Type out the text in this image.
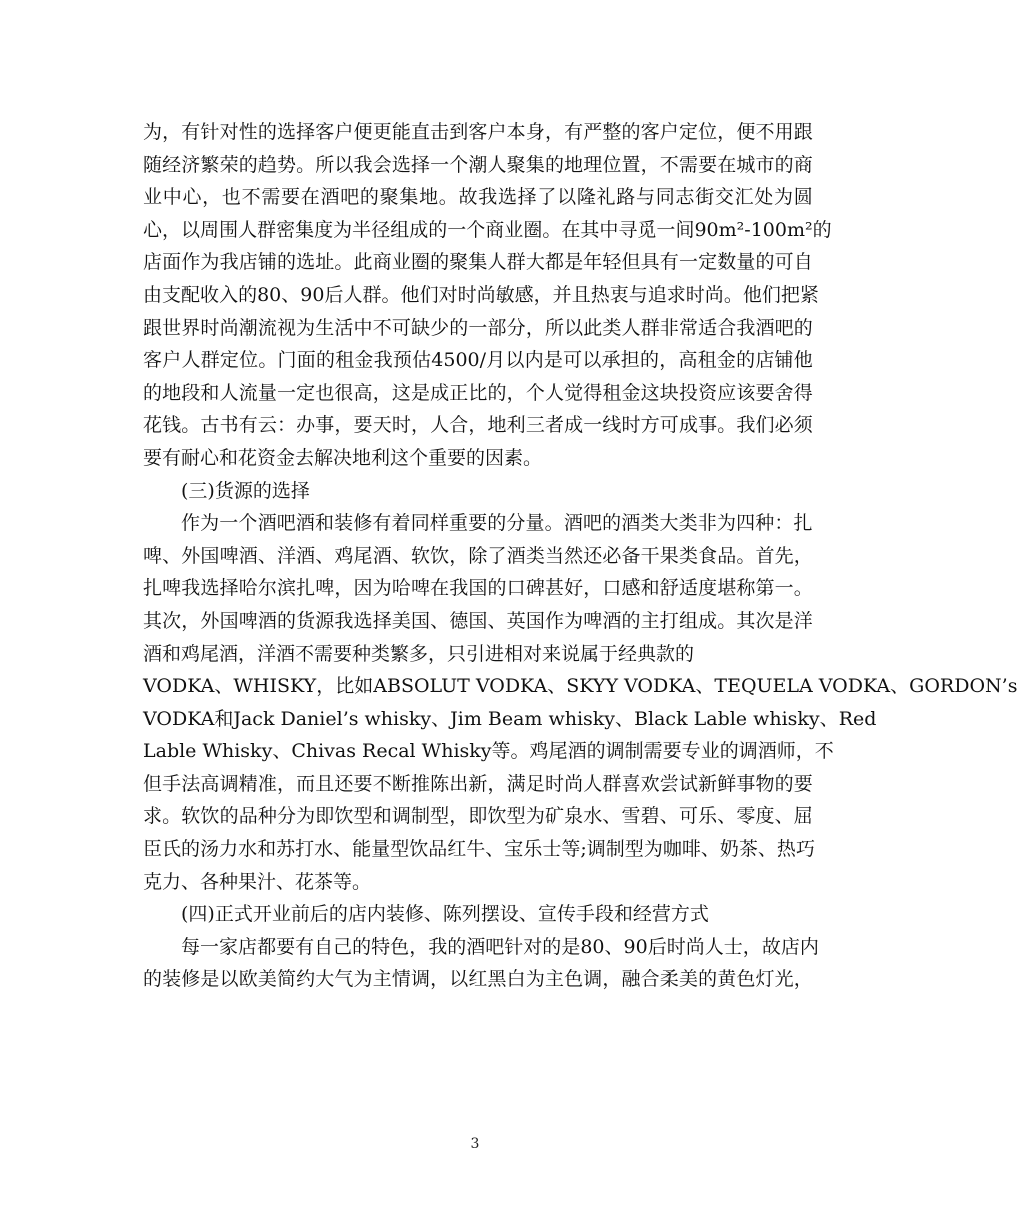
为 ， 有 针 对 性 的 选 择 客 户 便 更 能 直 击 到 客 户 本 身 ， 有 严 整 的 客 户 定 位 ， 便 不 用 跟
随 经 济 繁 荣 的 趋 势 。 所 以 我 会 选 择 一 个 潮 人 聚 集 的 地 理 位 置 ， 不 需 要 在 城 市 的 商
业 中 心 ， 也 不 需 要 在 酒 吧 的 聚 集 地 。 故 我 选 择 了 以 隆 礼 路 与 同 志 街 交 汇 处 为 圆
心 ， 以 周 围 人 群 密 集 度 为 半 径 组 成 的 一 个 商 业 圈 。 在 其 中 寻 觅 一 间 90m ² -100m ² 的
店 面 作 为 我 店 铺 的 选 址 。 此 商 业 圈 的 聚 集 人 群 大 都 是 年 轻 但 具 有 一 定 数 量 的 可 自
由 支 配 收 入 的 80 、 90 后 人 群 。 他 们 对 时 尚 敏 感 ， 并 且 热 衷 与 追 求 时 尚 。 他 们 把 紧
跟 世 界 时 尚 潮 流 视 为 生 活 中 不 可 缺 少 的 一 部 分 ， 所 以 此 类 人 群 非 常 适 合 我 酒 吧 的
客 户 人 群 定 位 。 门 面 的 租 金 我 预 估 4500/ 月 以 内 是 可 以 承 担 的 ， 高 租 金 的 店 铺 他
的 地 段 和 人 流 量 一 定 也 很 高 ， 这 是 成 正 比 的 ， 个 人 觉 得 租 金 这 块 投 资 应 该 要 舍 得
花 钱 。 古 书 有 云 ： 办 事 ， 要 天 时 ， 人 合 ， 地 利 三 者 成 一 线 时 方 可 成 事 。 我 们 必 须
要有耐心和花资金去解决地利这个重要的因素。
(三)货源的选择
作 为 一 个 酒 吧 酒 和 装 修 有 着 同 样 重 要 的 分 量 。 酒 吧 的 酒 类 大 类 非 为 四 种 ： 扎
啤 、 外 国 啤 酒 、 洋 酒 、 鸡 尾 酒 、 软 饮 ， 除 了 酒 类 当 然 还 必 备 干 果 类 食 品 。 首 先 ，
扎 啤 我 选 择 哈 尔 滨 扎 啤 ， 因 为 哈 啤 在 我 国 的 口 碑 甚 好 ， 口 感 和 舒 适 度 堪 称 第 一 。
其 次 ， 外 国 啤 酒 的 货 源 我 选 择 美 国 、 德 国 、 英 国 作 为 啤 酒 的 主 打 组 成 。 其 次 是 洋
酒和鸡尾酒，洋酒不需要种类繁多，只引进相对来说属于经典款的
VODKA 、 WHISKY ， 比 如 ABSOLUT VODKA 、 SKYY VODKA 、 TEQUELA VODKA 、 GORDON’s
VODKA 和 Jack Daniel’s whisky 、 Jim Beam whisky 、 Black Lable whisky 、 Red
Lable Whisky 、 Chivas Recal Whisky 等 。 鸡 尾 酒 的 调 制 需 要 专 业 的 调 酒 师 ， 不
但 手 法 高 调 精 准 ， 而 且 还 要 不 断 推 陈 出 新 ， 满 足 时 尚 人 群 喜 欢 尝 试 新 鲜 事 物 的 要
求 。 软 饮 的 品 种 分 为 即 饮 型 和 调 制 型 ， 即 饮 型 为 矿 泉 水 、 雪 碧 、 可 乐 、 零 度 、 屈
臣 氏 的 汤 力 水 和 苏 打 水 、 能 量 型 饮 品 红 牛 、 宝 乐 士 等 ; 调 制 型 为 咖 啡 、 奶 茶 、 热 巧
克力、各种果汁、花茶等。
(四)正式开业前后的店内装修、陈列摆设、宣传手段和经营方式
每 一 家 店 都 要 有 自 己 的 特 色 ， 我 的 酒 吧 针 对 的 是 80 、 90 后 时 尚 人 士 ， 故 店 内
的 装 修 是 以 欧 美 简 约 大 气 为 主 情 调 ， 以 红 黑 白 为 主 色 调 ， 融 合 柔 美 的 黄 色 灯 光 ，
3
